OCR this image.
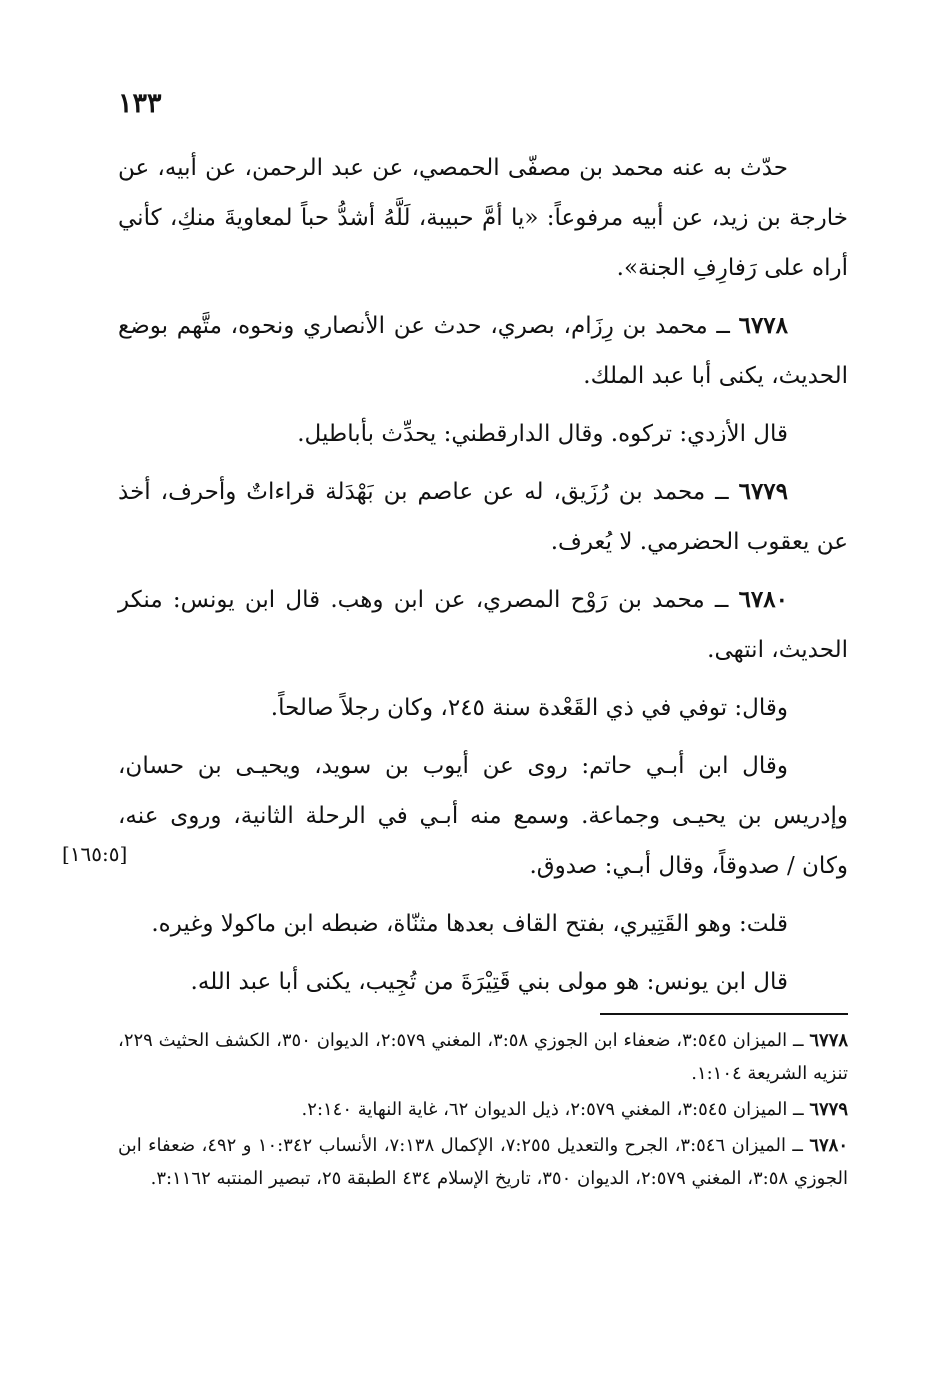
١٣٣

حدّث به عنه محمد بن مصفّى الحمصي، عن عبد الرحمن، عن أبيه، عن خارجة بن زيد، عن أبيه مرفوعاً: «يا أمَّ حبيبة، لَلَّهُ أشدُّ حباً لمعاويةَ منكِ، كأني أراه على رَفارِفِ الجنة».

٦٧٧٨ ــ محمد بن رِزَام، بصري، حدث عن الأنصاري ونحوه، متَّهم بوضع الحديث، يكنى أبا عبد الملك.

قال الأزدي: تركوه. وقال الدارقطني: يحدِّث بأباطيل.

٦٧٧٩ ــ محمد بن رُزَيق، له عن عاصم بن بَهْدَلة قراءاتٌ وأحرف، أخذ عن يعقوب الحضرمي. لا يُعرف.

٦٧٨٠ ــ محمد بن رَوْح المصري، عن ابن وهب. قال ابن يونس: منكر الحديث، انتهى.

وقال: توفي في ذي القَعْدة سنة ٢٤٥، وكان رجلاً صالحاً.

وقال ابن أبـي حاتم: روى عن أيوب بن سويد، ويحيـى بن حسان، وإدريس بن يحيـى وجماعة. وسمع منه أبـي في الرحلة الثانية، وروى عنه، وكان / صدوقاً، وقال أبـي: صدوق.

قلت: وهو القَتِيري، بفتح القاف بعدها مثنّاة، ضبطه ابن ماكولا وغيره.

قال ابن يونس: هو مولى بني قَتِيْرَةَ من تُجِيب، يكنى أبا عبد الله.

[١٦٥:٥]

٦٧٧٨ ــ الميزان ٣:٥٤٥، ضعفاء ابن الجوزي ٣:٥٨، المغني ٢:٥٧٩، الديوان ٣٥٠، الكشف الحثيث ٢٢٩، تنزيه الشريعة ١:١٠٤.

٦٧٧٩ ــ الميزان ٣:٥٤٥، المغني ٢:٥٧٩، ذيل الديوان ٦٢، غاية النهاية ٢:١٤٠.

٦٧٨٠ ــ الميزان ٣:٥٤٦، الجرح والتعديل ٧:٢٥٥، الإكمال ٧:١٣٨، الأنساب ١٠:٣٤٢ و ٤٩٢، ضعفاء ابن الجوزي ٣:٥٨، المغني ٢:٥٧٩، الديوان ٣٥٠، تاريخ الإسلام ٤٣٤ الطبقة ٢٥، تبصير المنتبه ٣:١١٦٢.
